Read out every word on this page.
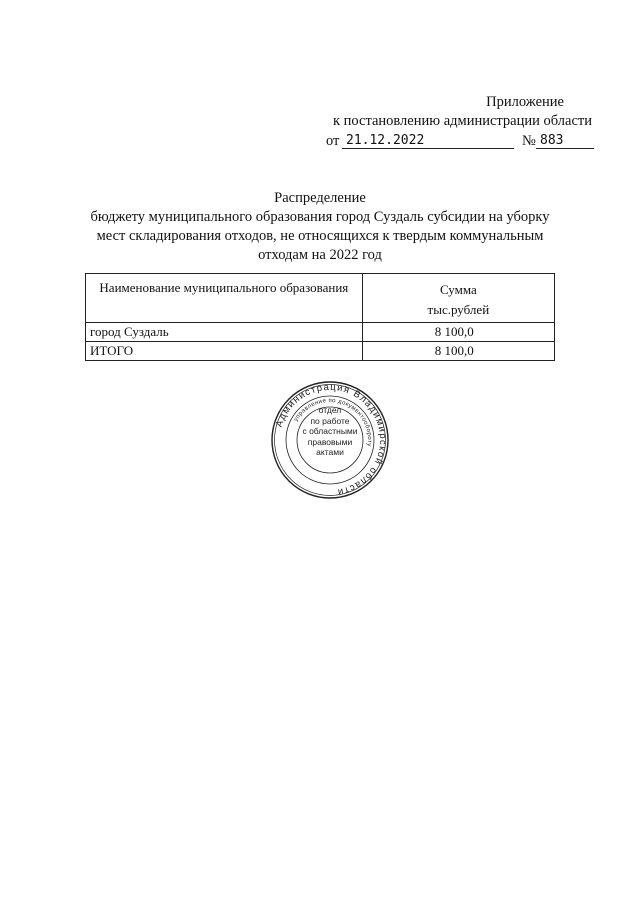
Приложение
к постановлению администрации области
от 21.12.2022	№ 883
Распределение
бюджету муниципального образования город Суздаль субсидии на уборку
мест складирования отходов, не относящихся к твердым коммунальным
отходам на 2022 год
Наименование муниципального образования	Сумма
тыс.рублей

город Суздаль	8 100,0
ИТОГО	8 100,0
Администрация Владимирской области
управление по документообороту
отдел
по работе
с областными
правовыми
актами
